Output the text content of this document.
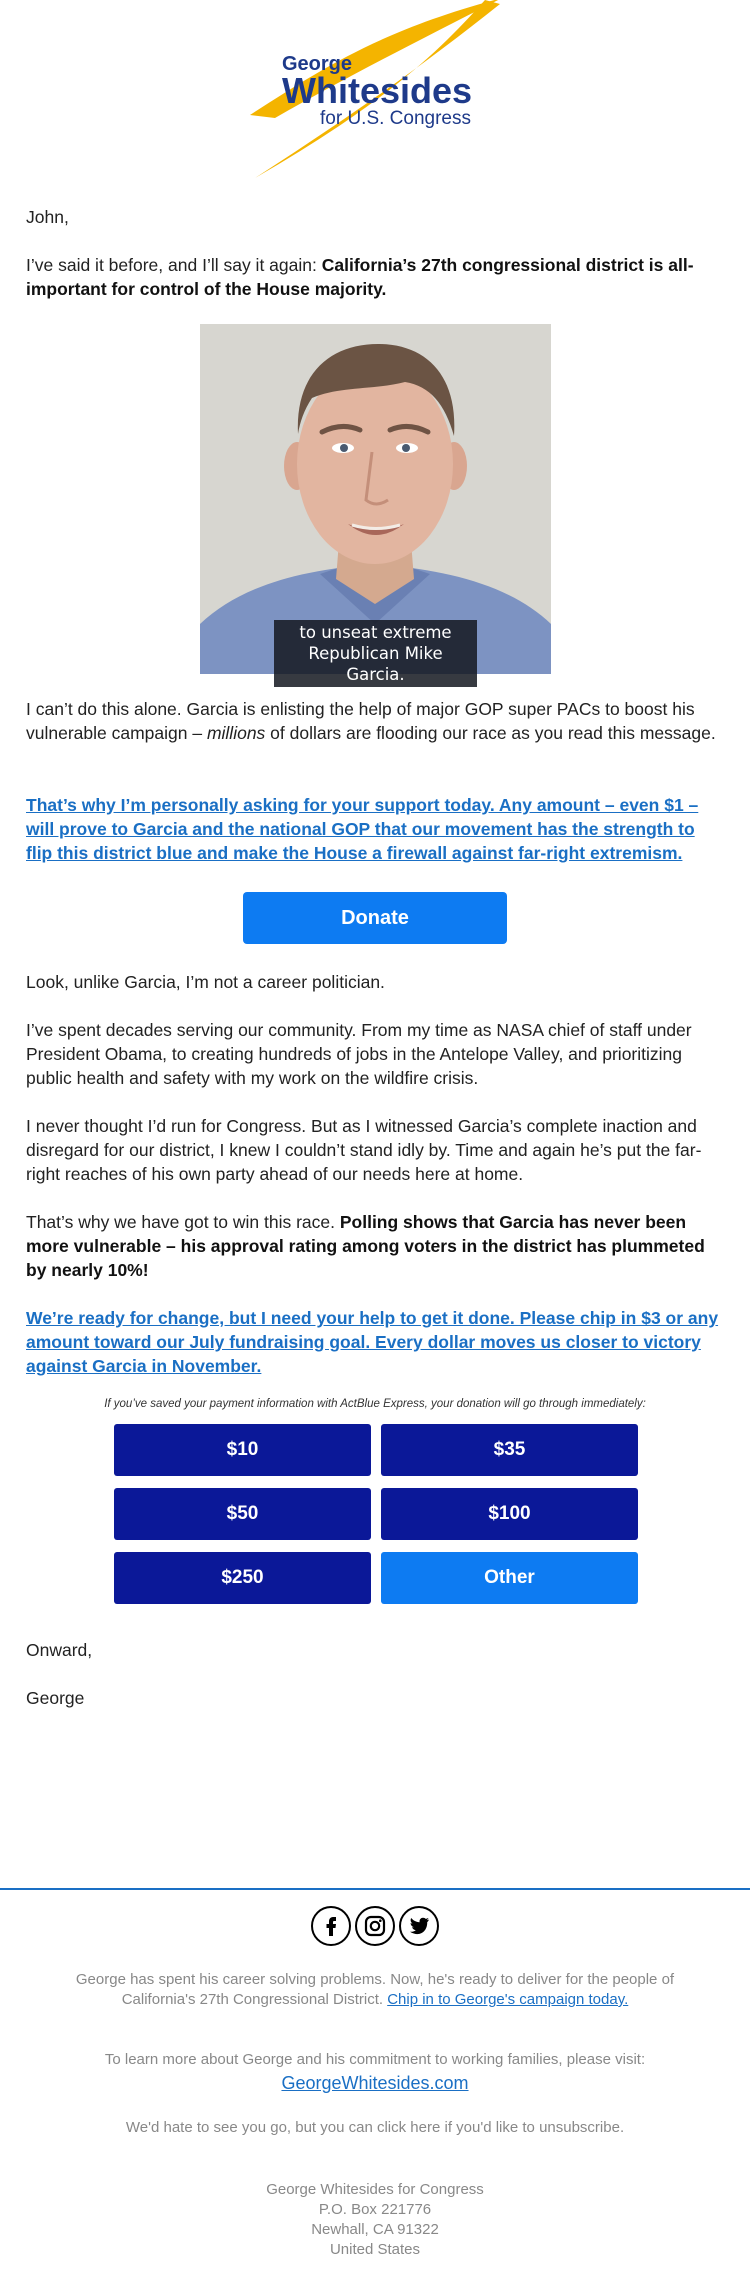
George
Whitesides
for U.S. Congress

John,

I’ve said it before, and I’ll say it again: California’s 27th congressional district is all-important for control of the House majority.

to unseat extreme
Republican Mike Garcia.

I can’t do this alone. Garcia is enlisting the help of major GOP super PACs to boost his vulnerable campaign – millions of dollars are flooding our race as you read this message.

That’s why I’m personally asking for your support today. Any amount – even $1 – will prove to Garcia and the national GOP that our movement has the strength to flip this district blue and make the House a firewall against far-right extremism.
Donate

Look, unlike Garcia, I’m not a career politician.

I’ve spent decades serving our community. From my time as NASA chief of staff under President Obama, to creating hundreds of jobs in the Antelope Valley, and prioritizing public health and safety with my work on the wildfire crisis.

I never thought I’d run for Congress. But as I witnessed Garcia’s complete inaction and disregard for our district, I knew I couldn’t stand idly by. Time and again he’s put the far-right reaches of his own party ahead of our needs here at home.

That’s why we have got to win this race. Polling shows that Garcia has never been more vulnerable – his approval rating among voters in the district has plummeted by nearly 10%!

We’re ready for change, but I need your help to get it done. Please chip in $3 or any amount toward our July fundraising goal. Every dollar moves us closer to victory against Garcia in November.

If you’ve saved your payment information with ActBlue Express, your donation will go through immediately:

$10	$35
$50	$100
$250	Other

Onward,

George

George has spent his career solving problems. Now, he's ready to deliver for the people of California's 27th Congressional District. Chip in to George's campaign today.

To learn more about George and his commitment to working families, please visit:

GeorgeWhitesides.com

We'd hate to see you go, but you can click here if you'd like to unsubscribe.

George Whitesides for Congress
P.O. Box 221776
Newhall, CA 91322
United States
